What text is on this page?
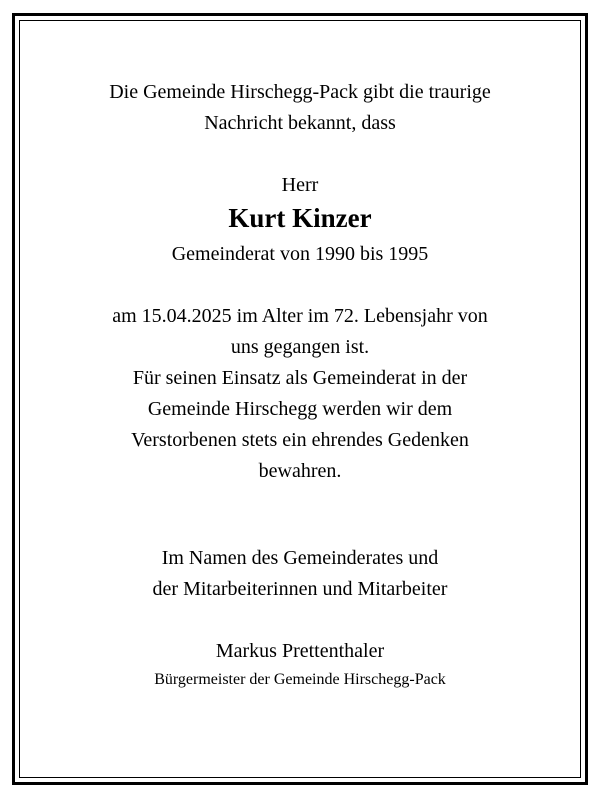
Die Gemeinde Hirschegg-Pack gibt die traurige
Nachricht bekannt, dass
Herr
Kurt Kinzer
Gemeinderat von 1990 bis 1995
am 15.04.2025 im Alter im 72. Lebensjahr von
uns gegangen ist.
Für seinen Einsatz als Gemeinderat in der
Gemeinde Hirschegg werden wir dem
Verstorbenen stets ein ehrendes Gedenken
bewahren.
Im Namen des Gemeinderates und
der Mitarbeiterinnen und Mitarbeiter
Markus Prettenthaler
Bürgermeister der Gemeinde Hirschegg-Pack
